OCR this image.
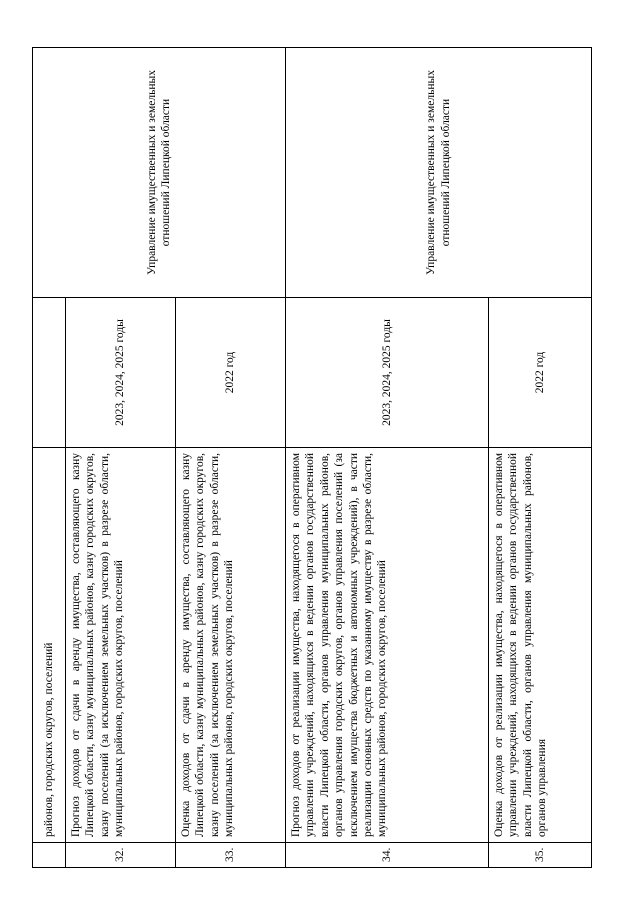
	районов, городских округов, поселений		Управление имущественных и земельных отношений Липецкой области
32.	Прогноз доходов от сдачи в аренду имущества, составляющего казну Липецкой области, казну муниципальных районов, казну городских округов, казну поселений (за исключением земельных участков) в разрезе области, муниципальных районов, городских округов, поселений	2023, 2024, 2025 годы	
33.	Оценка доходов от сдачи в аренду имущества, составляющего казну Липецкой области, казну муниципальных районов, казну городских округов, казну поселений (за исключением земельных участков) в разрезе области, муниципальных районов, городских округов, поселений	2022 год	
34.	Прогноз доходов от реализации имущества, находящегося в оперативном управлении учреждений, находящихся в ведении органов государственной власти Липецкой области, органов управления муниципальных районов, органов управления городских округов, органов управления поселений (за исключением имущества бюджетных и автономных учреждений), в части реализации основных средств по указанному имуществу в разрезе области, муниципальных районов, городских округов, поселений	2023, 2024, 2025 годы	Управление имущественных и земельных отношений Липецкой области
35.	Оценка доходов от реализации имущества, находящегося в оперативном управлении учреждений, находящихся в ведении органов государственной власти Липецкой области, органов управления муниципальных районов, органов управления	2022 год	
